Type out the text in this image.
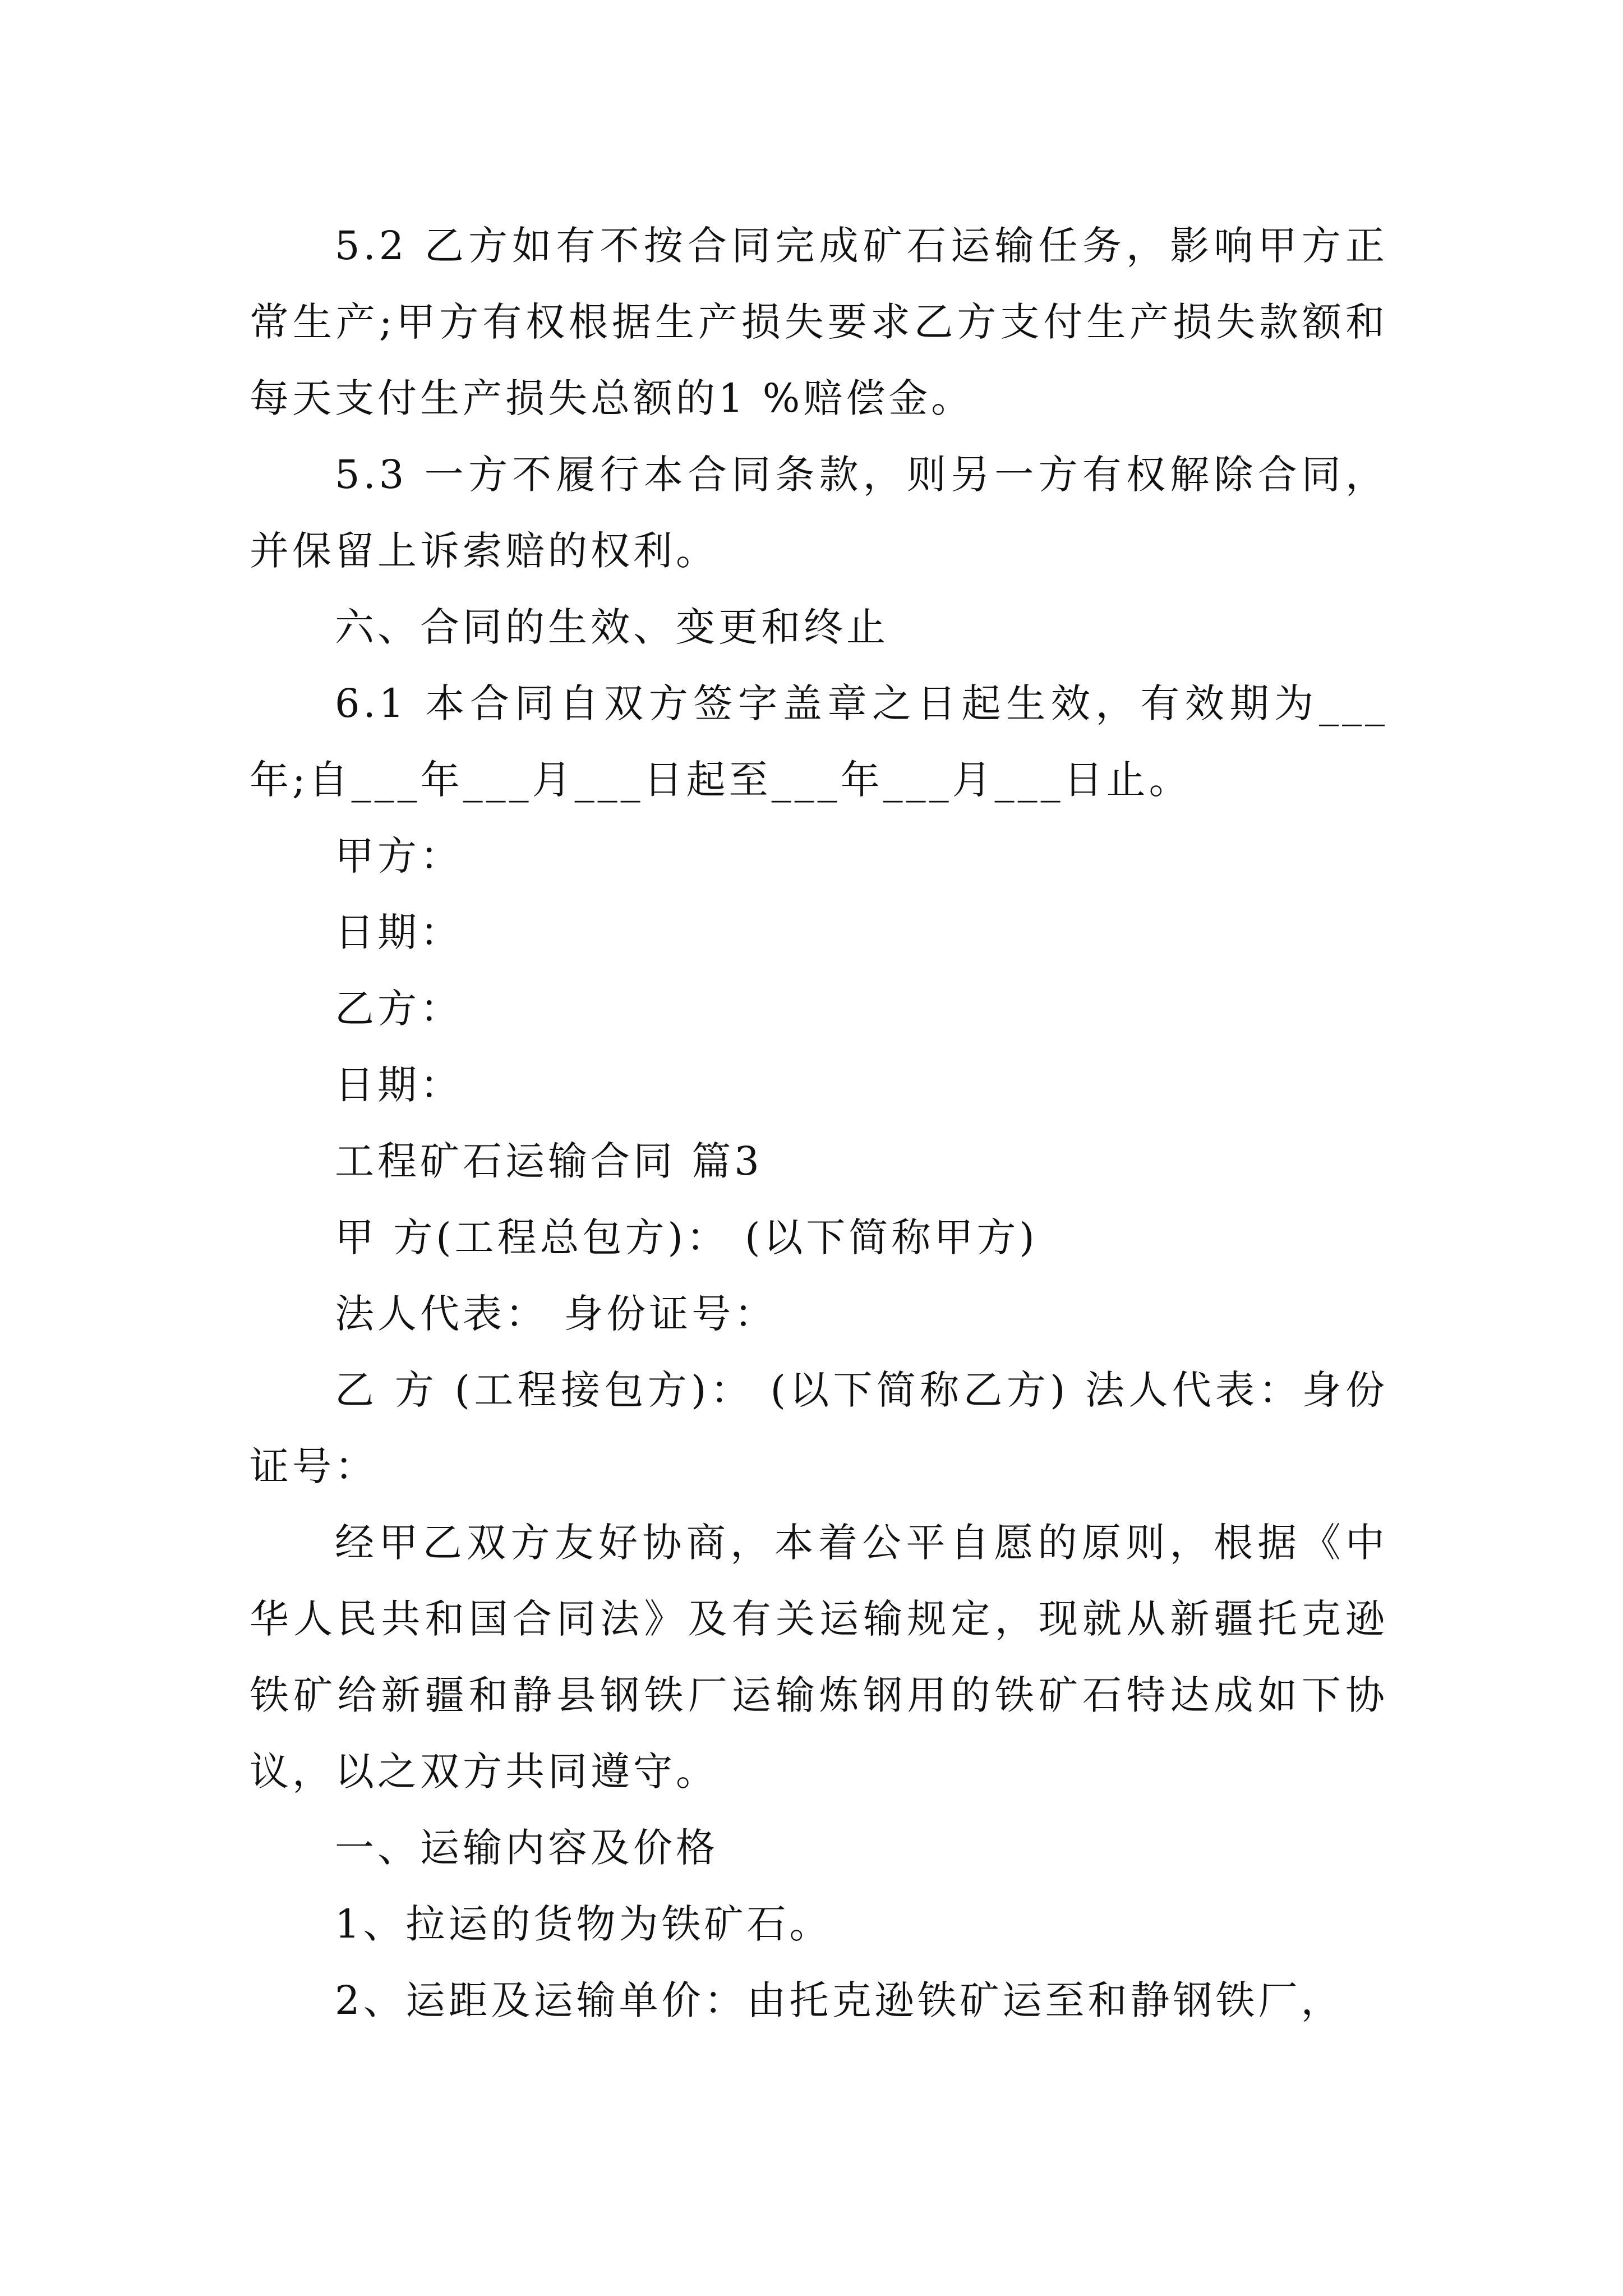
5.2 乙方如有不按合同完成矿石运输任务，影响甲方正常生产;甲方有权根据生产损失要求乙方支付生产损失款额和每天支付生产损失总额的1 %赔偿金。

5.3 一方不履行本合同条款，则另一方有权解除合同，并保留上诉索赔的权利。

六、合同的生效、变更和终止

6.1 本合同自双方签字盖章之日起生效，有效期为___年;自___年___月___日起至___年___月___日止。

甲方：

日期：

乙方：

日期：

工程矿石运输合同 篇3

甲 方(工程总包方)： (以下简称甲方)

法人代表： 身份证号：

乙 方 (工程接包方)： (以下简称乙方) 法人代表：身份证号：

经甲乙双方友好协商，本着公平自愿的原则，根据《中华人民共和国合同法》及有关运输规定，现就从新疆托克逊铁矿给新疆和静县钢铁厂运输炼钢用的铁矿石特达成如下协议，以之双方共同遵守。

一、运输内容及价格

1、拉运的货物为铁矿石。

2、运距及运输单价：由托克逊铁矿运至和静钢铁厂，
